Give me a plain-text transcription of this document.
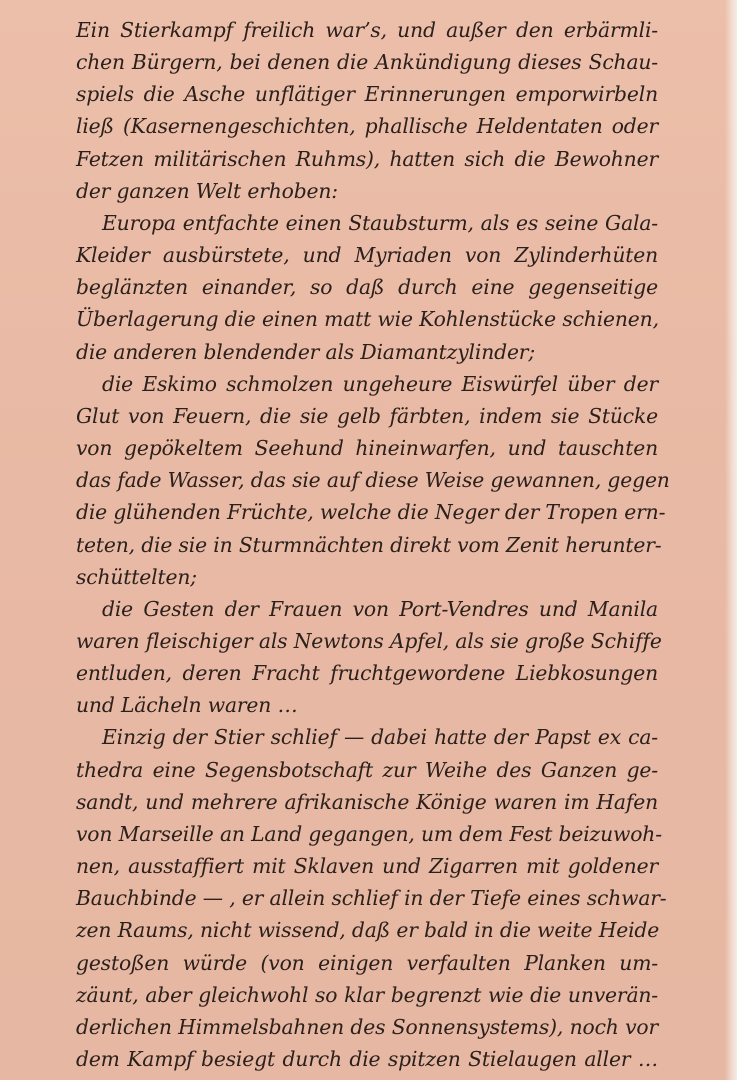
Ein Stierkampf freilich war’s, und außer den erbärmli-
chen Bürgern, bei denen die Ankündigung dieses Schau-
spiels die Asche unflätiger Erinnerungen emporwirbeln
ließ (Kasernengeschichten, phallische Heldentaten oder
Fetzen militärischen Ruhms), hatten sich die Bewohner
der ganzen Welt erhoben:
Europa entfachte einen Staubsturm, als es seine Gala-
Kleider ausbürstete, und Myriaden von Zylinderhüten
beglänzten einander, so daß durch eine gegenseitige
Überlagerung die einen matt wie Kohlenstücke schienen,
die anderen blendender als Diamantzylinder;
die Eskimo schmolzen ungeheure Eiswürfel über der
Glut von Feuern, die sie gelb färbten, indem sie Stücke
von gepökeltem Seehund hineinwarfen, und tauschten
das fade Wasser, das sie auf diese Weise gewannen, gegen
die glühenden Früchte, welche die Neger der Tropen ern-
teten, die sie in Sturmnächten direkt vom Zenit herunter-
schüttelten;
die Gesten der Frauen von Port-Vendres und Manila
waren fleischiger als Newtons Apfel, als sie große Schiffe
entluden, deren Fracht fruchtgewordene Liebkosungen
und Lächeln waren …
Einzig der Stier schlief — dabei hatte der Papst ex ca-
thedra eine Segensbotschaft zur Weihe des Ganzen ge-
sandt, und mehrere afrikanische Könige waren im Hafen
von Marseille an Land gegangen, um dem Fest beizuwoh-
nen, ausstaffiert mit Sklaven und Zigarren mit goldener
Bauchbinde — , er allein schlief in der Tiefe eines schwar-
zen Raums, nicht wissend, daß er bald in die weite Heide
gestoßen würde (von einigen verfaulten Planken um-
zäunt, aber gleichwohl so klar begrenzt wie die unverän-
derlichen Himmelsbahnen des Sonnensystems), noch vor
dem Kampf besiegt durch die spitzen Stielaugen aller …
